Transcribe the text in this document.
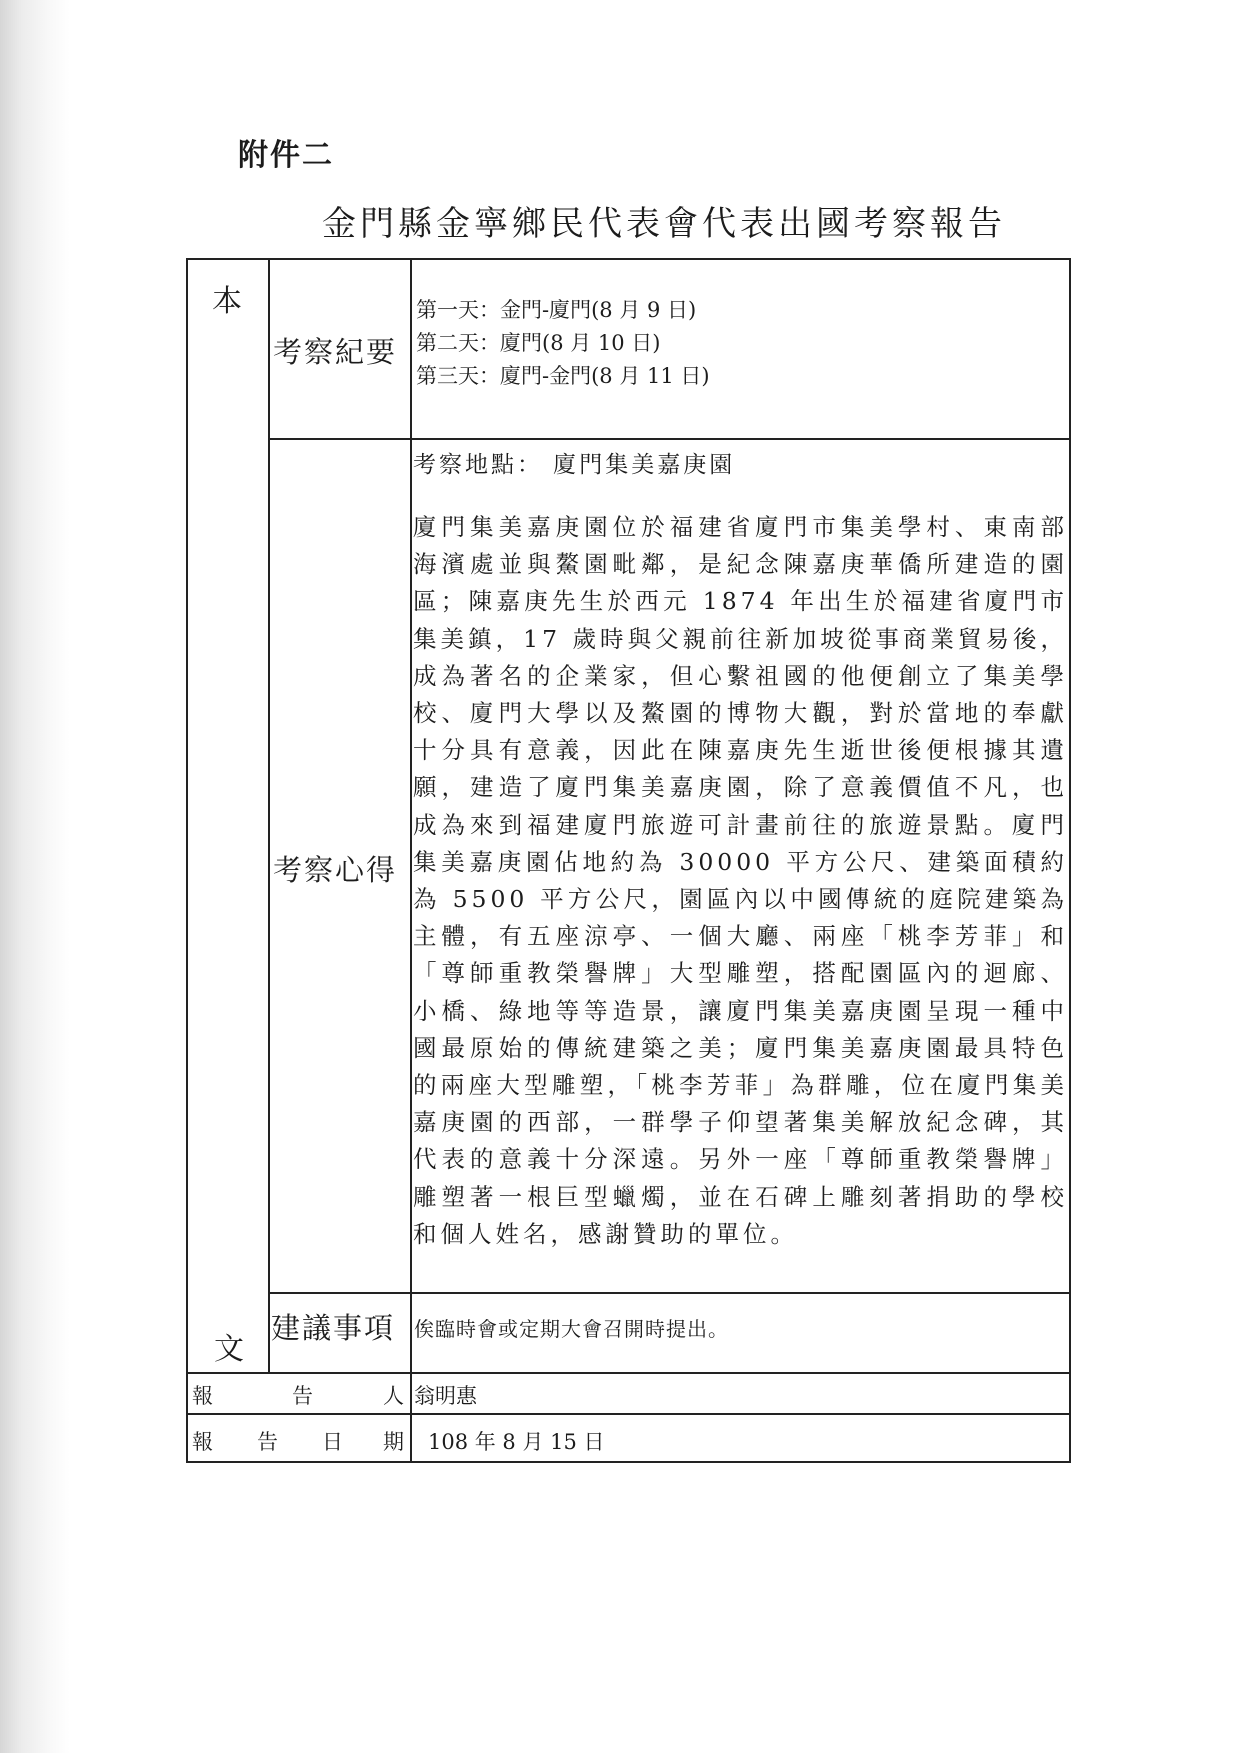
附件二
金門縣金寧鄉民代表會代表出國考察報告
本
文
考察紀要
第一天：金門-廈門(8 月 9 日)
第二天：廈門(8 月 10 日)
第三天：廈門-金門(8 月 11 日)
考察心得
考察地點： 廈門集美嘉庚園
廈門集美嘉庚園位於福建省廈門市集美學村、東南部海濱處並與鰲園毗鄰，是紀念陳嘉庚華僑所建造的園區；陳嘉庚先生於西元 1874 年出生於福建省廈門市集美鎮，17 歲時與父親前往新加坡從事商業貿易後，成為著名的企業家，但心繫祖國的他便創立了集美學校、廈門大學以及鰲園的博物大觀，對於當地的奉獻十分具有意義，因此在陳嘉庚先生逝世後便根據其遺願，建造了廈門集美嘉庚園，除了意義價值不凡，也成為來到福建廈門旅遊可計畫前往的旅遊景點。廈門集美嘉庚園佔地約為 30000 平方公尺、建築面積約為 5500 平方公尺，園區內以中國傳統的庭院建築為主體，有五座涼亭、一個大廳、兩座「桃李芳菲」和「尊師重教榮譽牌」大型雕塑，搭配園區內的迴廊、小橋、綠地等等造景，讓廈門集美嘉庚園呈現一種中國最原始的傳統建築之美；廈門集美嘉庚園最具特色的兩座大型雕塑，「桃李芳菲」為群雕，位在廈門集美嘉庚園的西部，一群學子仰望著集美解放紀念碑，其代表的意義十分深遠。另外一座「尊師重教榮譽牌」雕塑著一根巨型蠟燭，並在石碑上雕刻著捐助的學校和個人姓名，感謝贊助的單位。
建議事項 俟臨時會或定期大會召開時提出。
報	告	人 翁明惠
報 告 日 期 108 年 8 月 15 日
